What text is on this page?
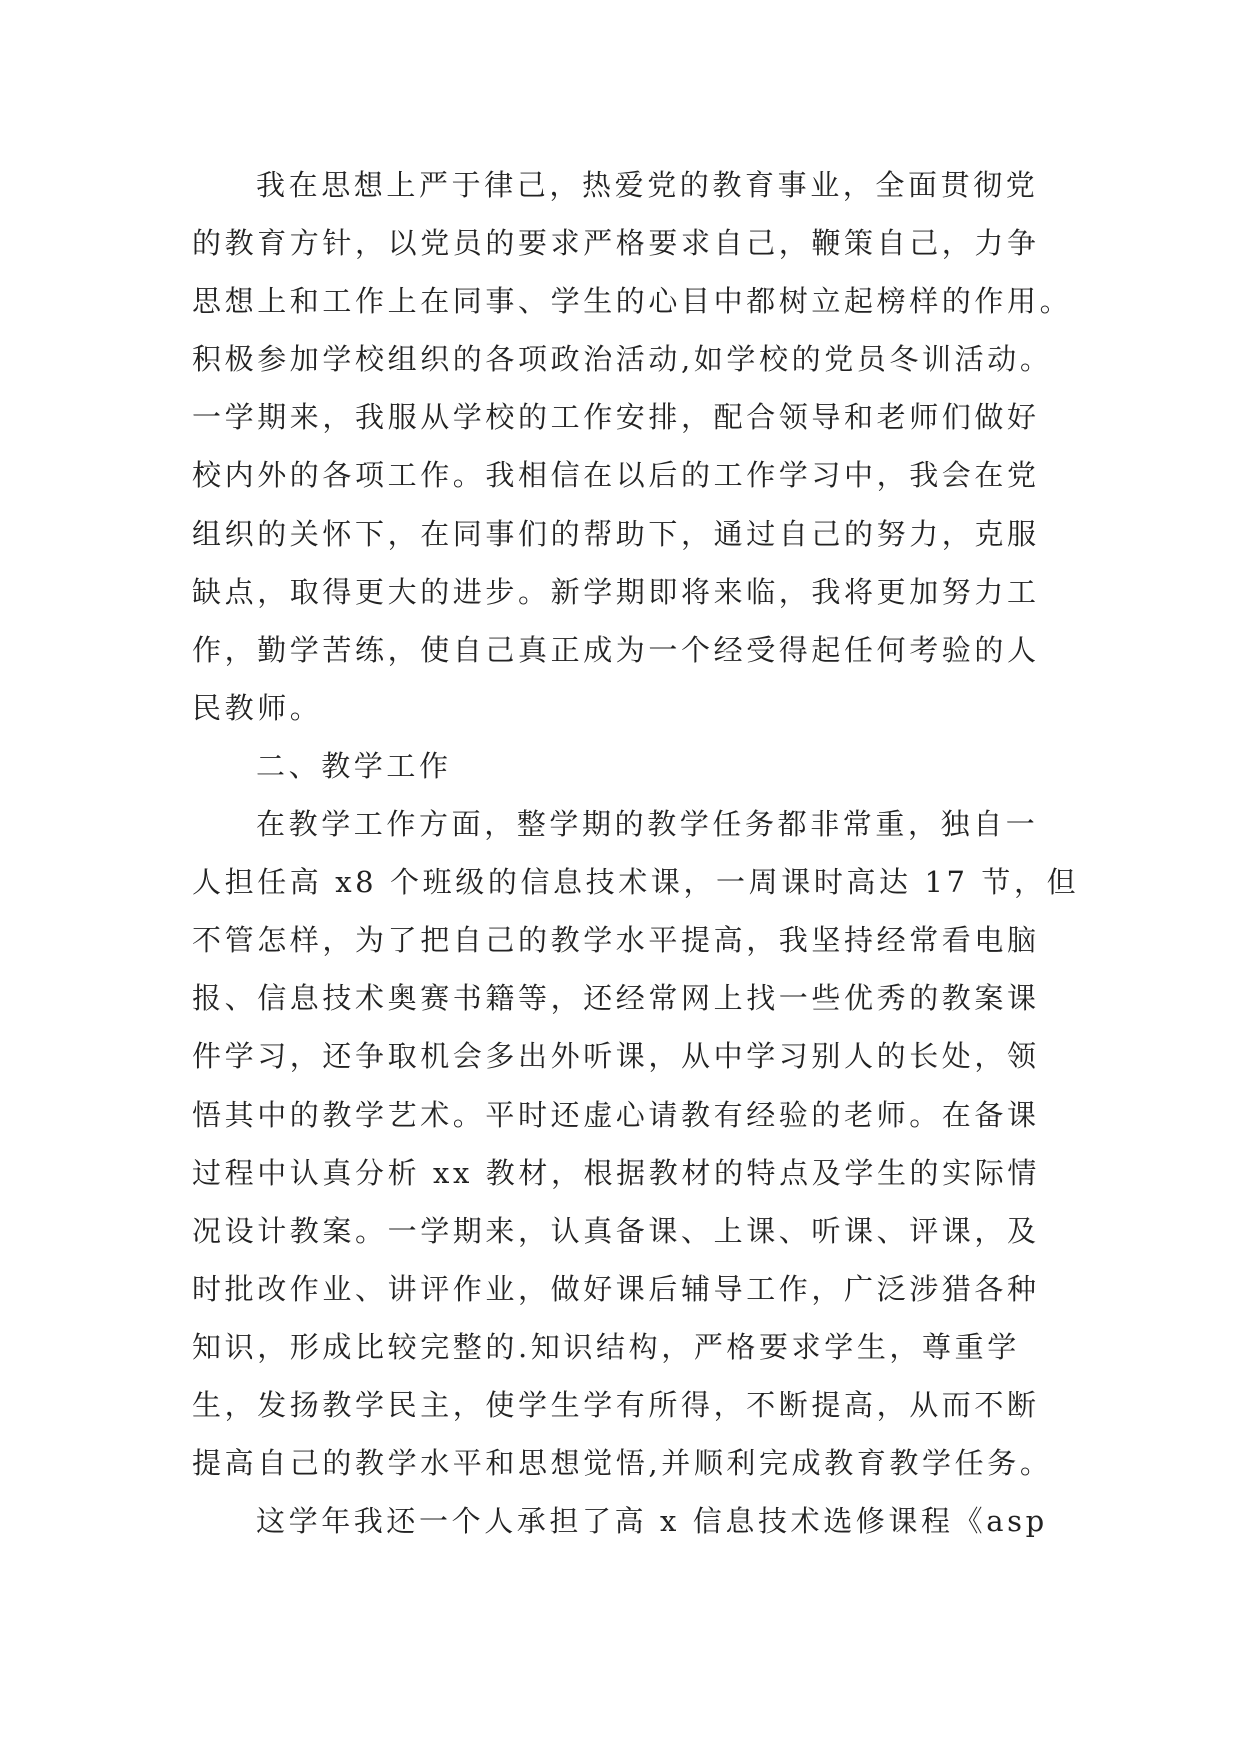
我在思想上严于律己，热爱党的教育事业，全面贯彻党
的教育方针，以党员的要求严格要求自己，鞭策自己，力争
思想上和工作上在同事、学生的心目中都树立起榜样的作用。
积极参加学校组织的各项政治活动,如学校的党员冬训活动。
一学期来，我服从学校的工作安排，配合领导和老师们做好
校内外的各项工作。我相信在以后的工作学习中，我会在党
组织的关怀下，在同事们的帮助下，通过自己的努力，克服
缺点，取得更大的进步。新学期即将来临，我将更加努力工
作，勤学苦练，使自己真正成为一个经受得起任何考验的人
民教师。
二、教学工作
在教学工作方面，整学期的教学任务都非常重，独自一
人担任高 x8 个班级的信息技术课，一周课时高达 17 节，但
不管怎样，为了把自己的教学水平提高，我坚持经常看电脑
报、信息技术奥赛书籍等，还经常网上找一些优秀的教案课
件学习，还争取机会多出外听课，从中学习别人的长处，领
悟其中的教学艺术。平时还虚心请教有经验的老师。在备课
过程中认真分析 xx 教材，根据教材的特点及学生的实际情
况设计教案。一学期来，认真备课、上课、听课、评课，及
时批改作业、讲评作业，做好课后辅导工作，广泛涉猎各种
知识，形成比较完整的.知识结构，严格要求学生，尊重学
生，发扬教学民主，使学生学有所得，不断提高，从而不断
提高自己的教学水平和思想觉悟,并顺利完成教育教学任务。
这学年我还一个人承担了高 x 信息技术选修课程《asp
